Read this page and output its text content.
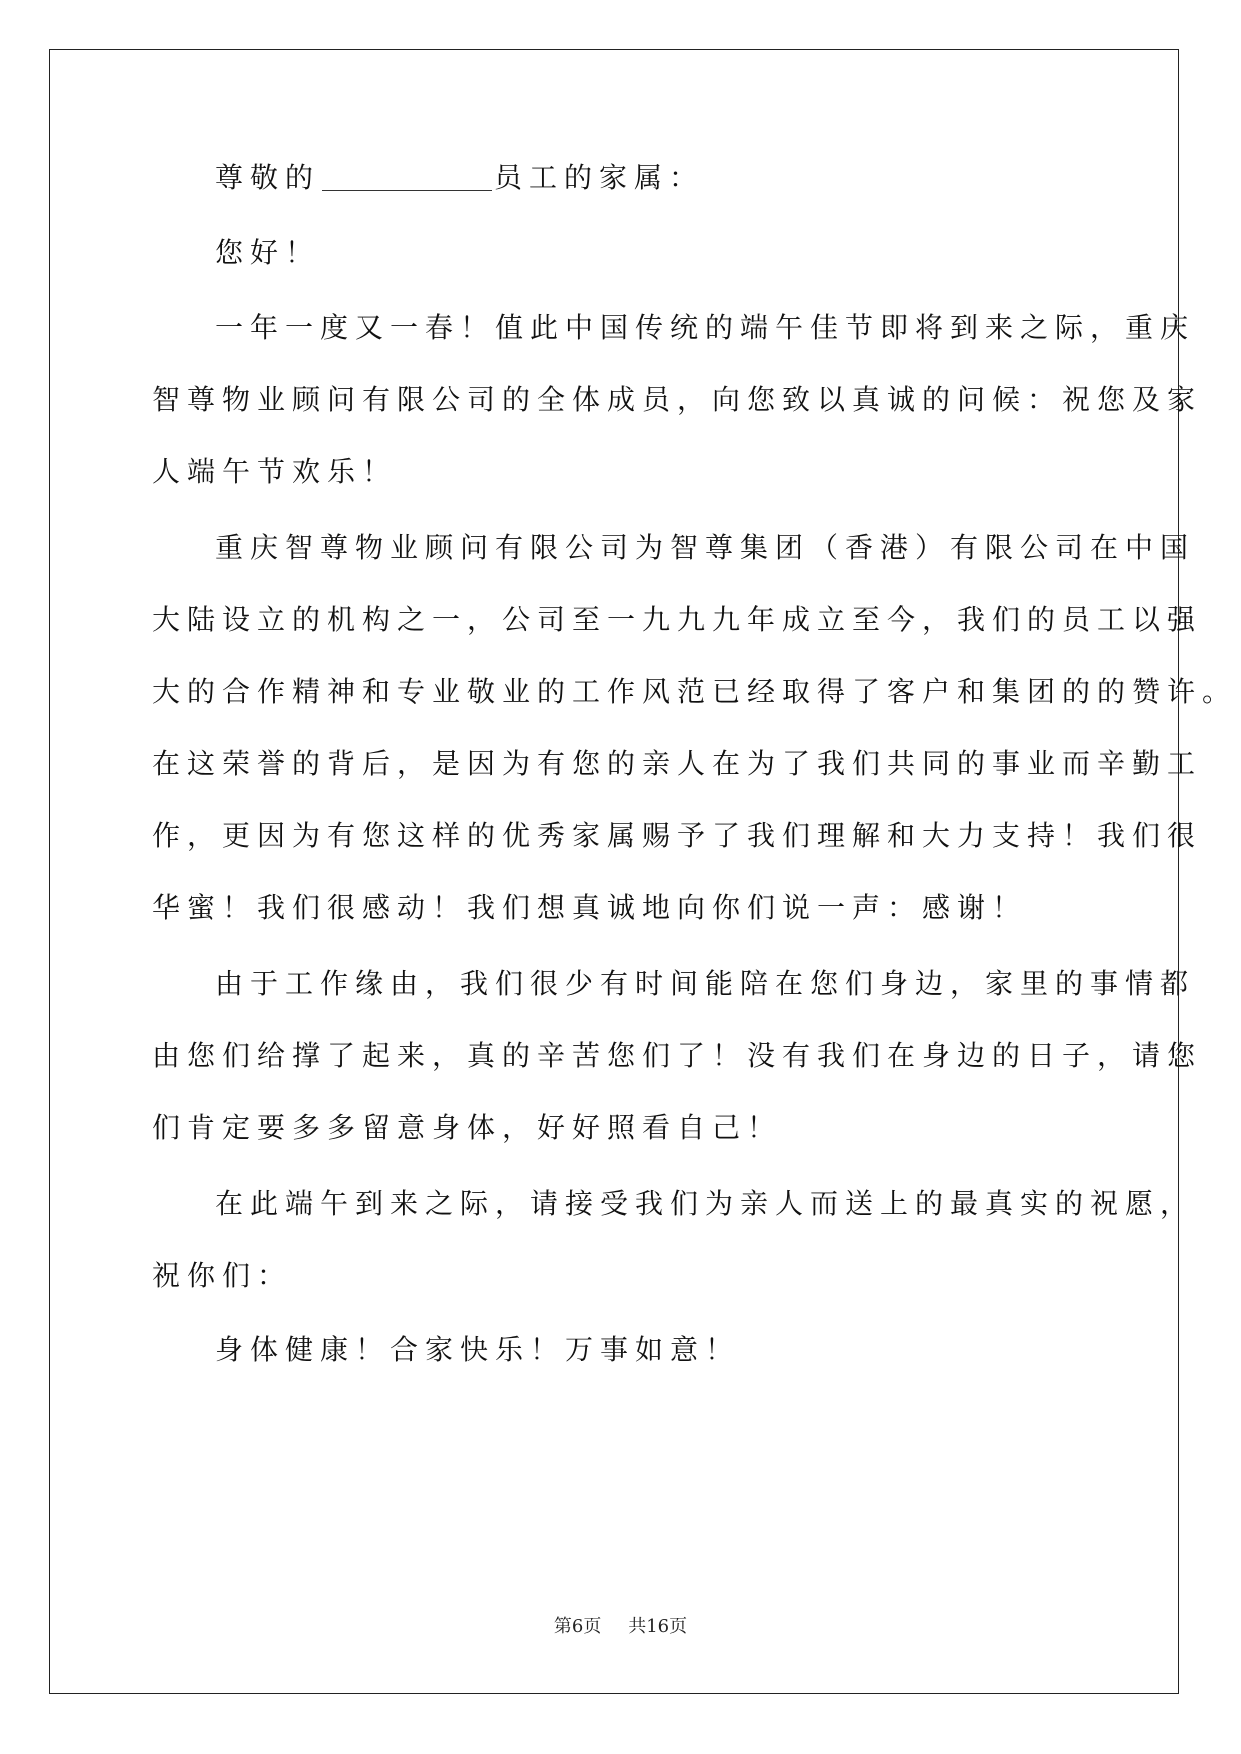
尊敬的	员工的家属：
您好！
一年一度又一春！值此中国传统的端午佳节即将到来之际，重庆
智尊物业顾问有限公司的全体成员，向您致以真诚的问候：祝您及家
人端午节欢乐！
重庆智尊物业顾问有限公司为智尊集团（香港）有限公司在中国
大陆设立的机构之一，公司至一九九九年成立至今，我们的员工以强
大的合作精神和专业敬业的工作风范已经取得了客户和集团的的赞许。
在这荣誉的背后，是因为有您的亲人在为了我们共同的事业而辛勤工
作，更因为有您这样的优秀家属赐予了我们理解和大力支持！我们很
华蜜！我们很感动！我们想真诚地向你们说一声：感谢！
由于工作缘由，我们很少有时间能陪在您们身边，家里的事情都
由您们给撑了起来，真的辛苦您们了！没有我们在身边的日子，请您
们肯定要多多留意身体，好好照看自己！
在此端午到来之际，请接受我们为亲人而送上的最真实的祝愿，
祝你们：
身体健康！合家快乐！万事如意！
第6页 共16页
